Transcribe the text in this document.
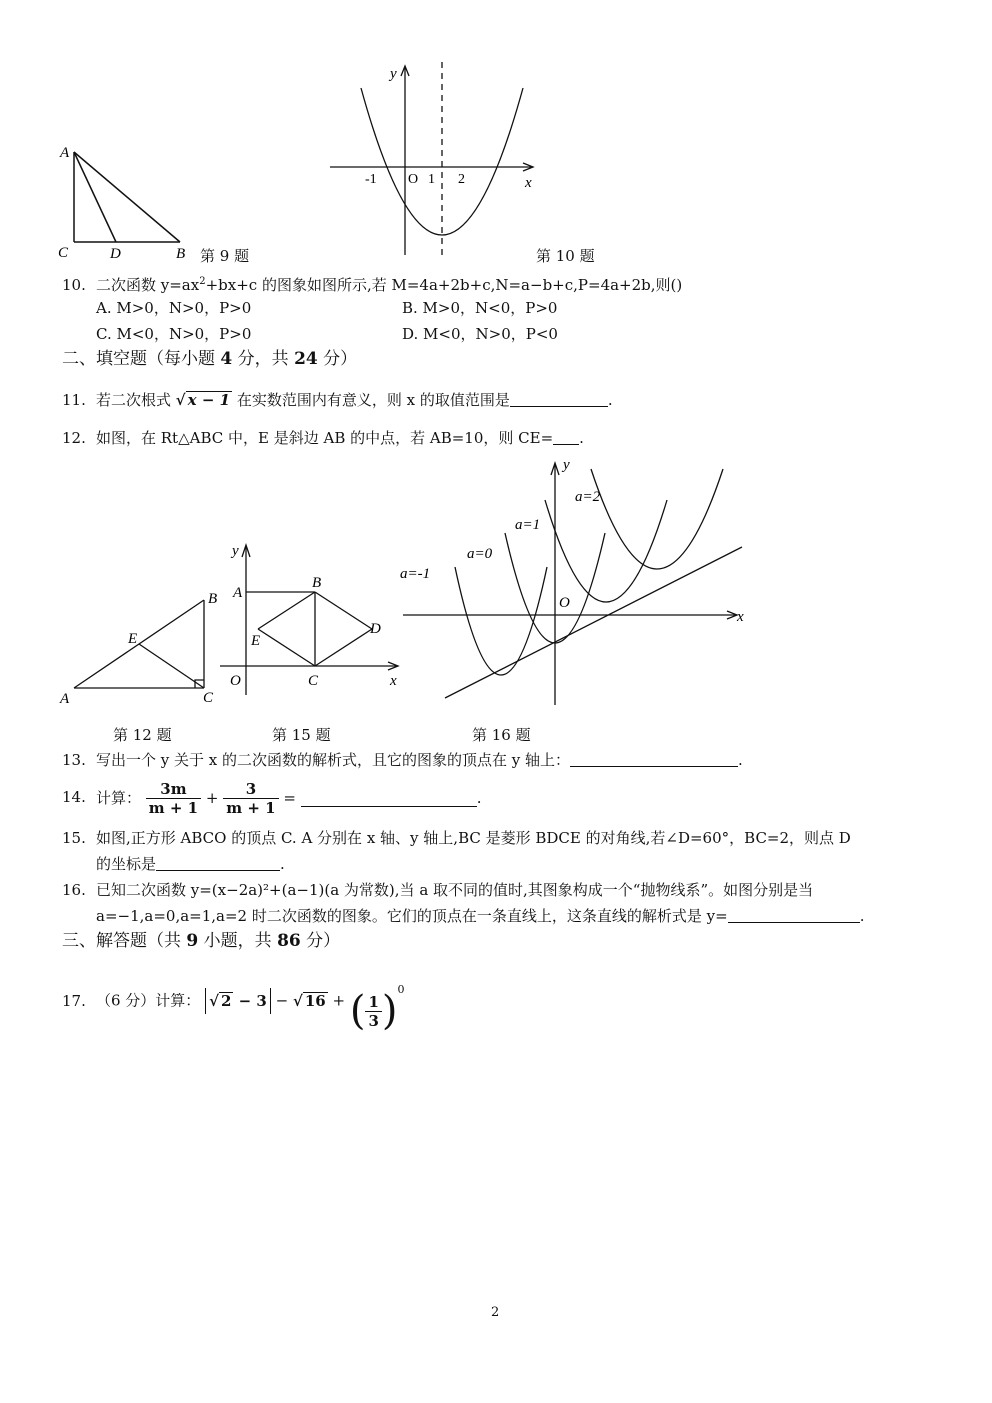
A
C	D	B 第 9 题
y
x
-1 O 1 2
第 10 题
10. 二次函数 $y=ax^2+bx+c$ 的图象如图所示,若 M=4a+2b+c,N=a−b+c,P=4a+2b,则()
A. M>0，N>0，P>0	B. M>0，N<0，P>0
C. M<0，N>0，P>0	D. M<0，N>0，P<0
二、填空题（每小题 4 分，共 24 分）
11. 若二次根式 √ x − 1 在实数范围内有意义，则 x 的取值范围是	.
12. 如图，在 Rt△ABC 中，E 是斜边 AB 的中点，若 AB=10，则 CE= .
A
B
C
E
第 12 题
y
x
A
B
C
D
E
O
第 15 题
y
x
O
a=-1
a=0
a=1
a=2
第 16 题
13. 写出一个 y 关于 x 的二次函数的解析式，且它的图象的顶点在 y 轴上：	.
14. 计算： $\frac{3m}{m + 1} + \frac{3}{m + 1}$ =	.
15. 如图,正方形 ABCO 的顶点 C. A 分别在 x 轴、y 轴上,BC 是菱形 BDCE 的对角线,若∠D=60°，BC=2，则点 D
的坐标是	.
16. 已知二次函数 y=(x−2a)²+(a−1)(a 为常数),当 a 取不同的值时,其图象构成一个“抛物线系”。如图分别是当
a=−1,a=0,a=1,a=2 时二次函数的图象。它们的顶点在一条直线上，这条直线的解析式是 y=	.
三、解答题（共 9 小题，共 86 分）
17. （6 分）计算： √ 2 − 3 − √ 16 + ( $\frac{1}{3} )^0$
2
